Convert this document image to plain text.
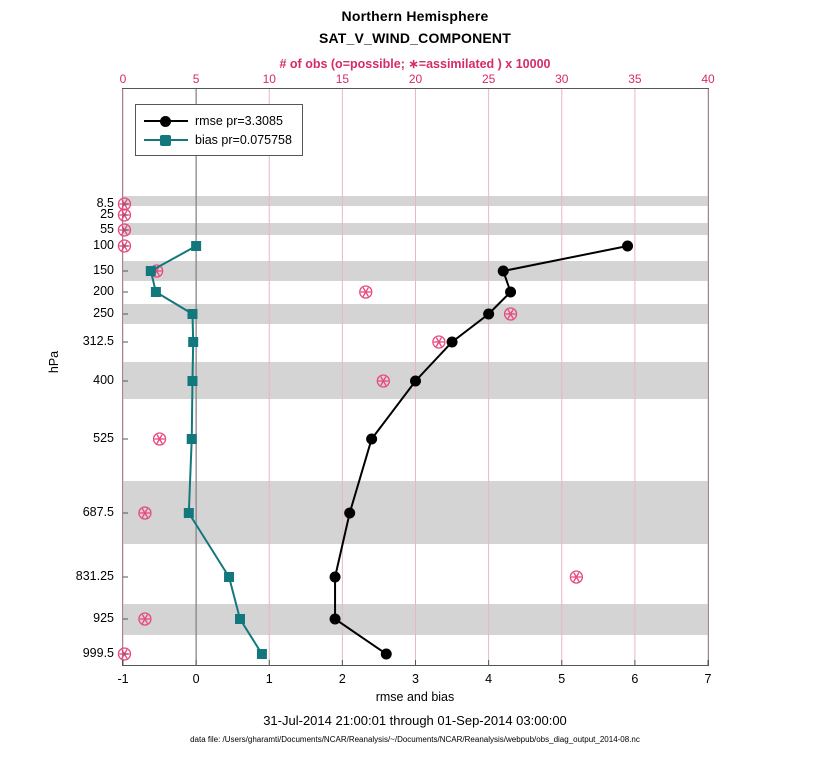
Northern Hemisphere
SAT_V_WIND_COMPONENT
# of obs (o=possible; ∗=assimilated ) x 10000
rmse pr=3.3085
bias pr=0.075758
-1	0	1	2	3	4	5	6	7
0	5	10	15	20	25	30	35	40
8.5
25
55
100
150
200
250
312.5
400
525
687.5
831.25
925
999.5
rmse and bias
hPa
31-Jul-2014 21:00:01 through 01-Sep-2014 03:00:00
data file: /Users/gharamti/Documents/NCAR/Reanalysis/~/Documents/NCAR/Reanalysis/webpub/obs_diag_output_2014-08.nc
